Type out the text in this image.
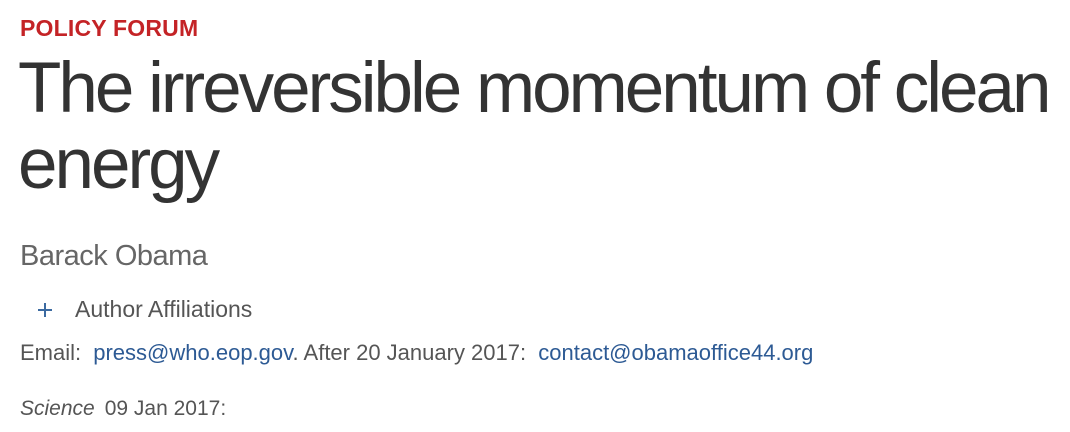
POLICY FORUM
The irreversible momentum of clean energy
Barack Obama
Author Affiliations
Email: press@who.eop.gov. After 20 January 2017: contact@obamaoffice44.org
Science 09 Jan 2017:
